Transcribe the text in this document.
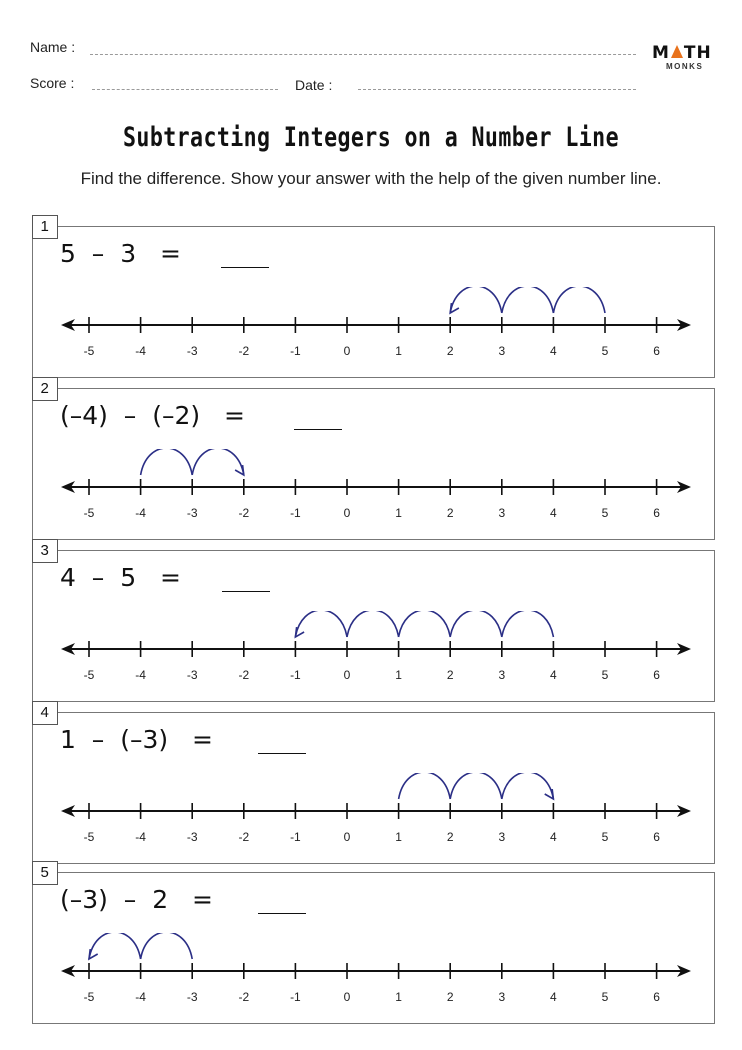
Name :
Score :	Date :
M TH
MONKS
Subtracting Integers on a Number Line
Find the difference. Show your answer with the help of the given number line.
1
5  –  3   =
-5	-4	-3	-2	-1	0	1	2	3	4	5	6
2
(–4)  –  (–2)   =
-5	-4	-3	-2	-1	0	1	2	3	4	5	6
3
4  –  5   =
-5	-4	-3	-2	-1	0	1	2	3	4	5	6
4
1  –  (–3)   =
-5	-4	-3	-2	-1	0	1	2	3	4	5	6
5
(–3)  –  2   =
-5	-4	-3	-2	-1	0	1	2	3	4	5	6
